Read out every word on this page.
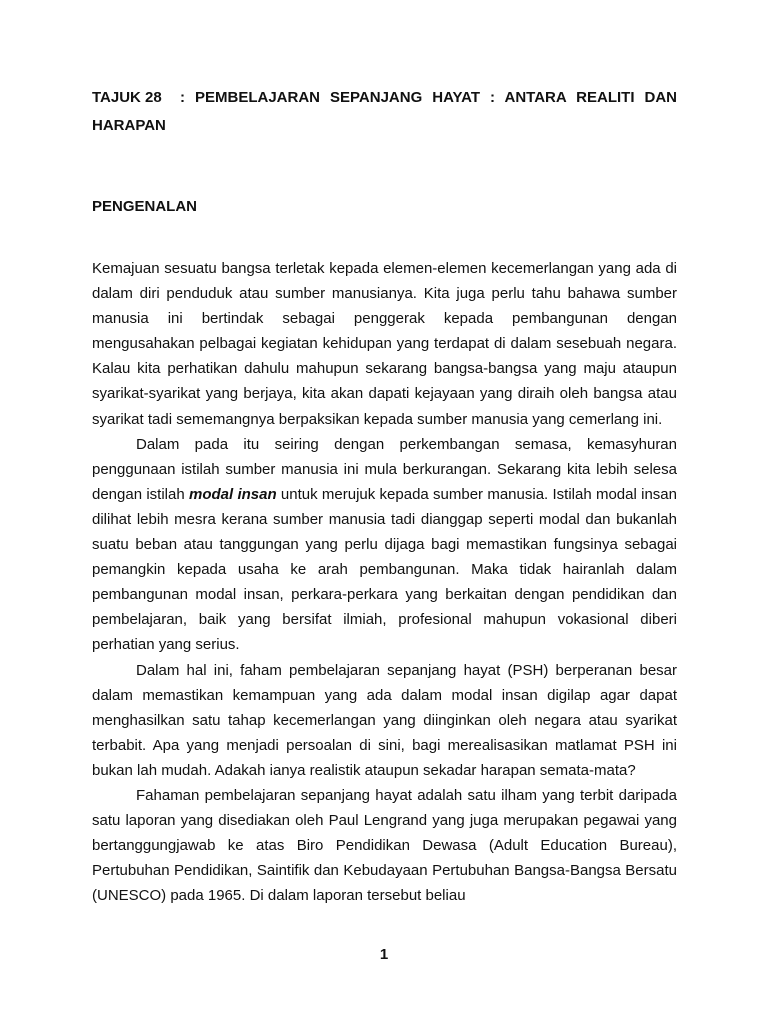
TAJUK 28 : PEMBELAJARAN SEPANJANG HAYAT : ANTARA REALITI DAN HARAPAN

PENGENALAN

Kemajuan sesuatu bangsa terletak kepada elemen-elemen kecemerlangan yang ada di dalam diri penduduk atau sumber manusianya. Kita juga perlu tahu bahawa sumber manusia ini bertindak sebagai penggerak kepada pembangunan dengan mengusahakan pelbagai kegiatan kehidupan yang terdapat di dalam sesebuah negara. Kalau kita perhatikan dahulu mahupun sekarang bangsa-bangsa yang maju ataupun syarikat-syarikat yang berjaya, kita akan dapati kejayaan yang diraih oleh bangsa atau syarikat tadi sememangnya berpaksikan kepada sumber manusia yang cemerlang ini.

Dalam pada itu seiring dengan perkembangan semasa, kemasyhuran penggunaan istilah sumber manusia ini mula berkurangan. Sekarang kita lebih selesa dengan istilah modal insan untuk merujuk kepada sumber manusia. Istilah modal insan dilihat lebih mesra kerana sumber manusia tadi dianggap seperti modal dan bukanlah suatu beban atau tanggungan yang perlu dijaga bagi memastikan fungsinya sebagai pemangkin kepada usaha ke arah pembangunan. Maka tidak hairanlah dalam pembangunan modal insan, perkara-perkara yang berkaitan dengan pendidikan dan pembelajaran, baik yang bersifat ilmiah, profesional mahupun vokasional diberi perhatian yang serius.

Dalam hal ini, faham pembelajaran sepanjang hayat (PSH) berperanan besar dalam memastikan kemampuan yang ada dalam modal insan digilap agar dapat menghasilkan satu tahap kecemerlangan yang diinginkan oleh negara atau syarikat terbabit. Apa yang menjadi persoalan di sini, bagi merealisasikan matlamat PSH ini bukan lah mudah. Adakah ianya realistik ataupun sekadar harapan semata-mata?

Fahaman pembelajaran sepanjang hayat adalah satu ilham yang terbit daripada satu laporan yang disediakan oleh Paul Lengrand yang juga merupakan pegawai yang bertanggungjawab ke atas Biro Pendidikan Dewasa (Adult Education Bureau), Pertubuhan Pendidikan, Saintifik dan Kebudayaan Pertubuhan Bangsa-Bangsa Bersatu (UNESCO) pada 1965. Di dalam laporan tersebut beliau

1
